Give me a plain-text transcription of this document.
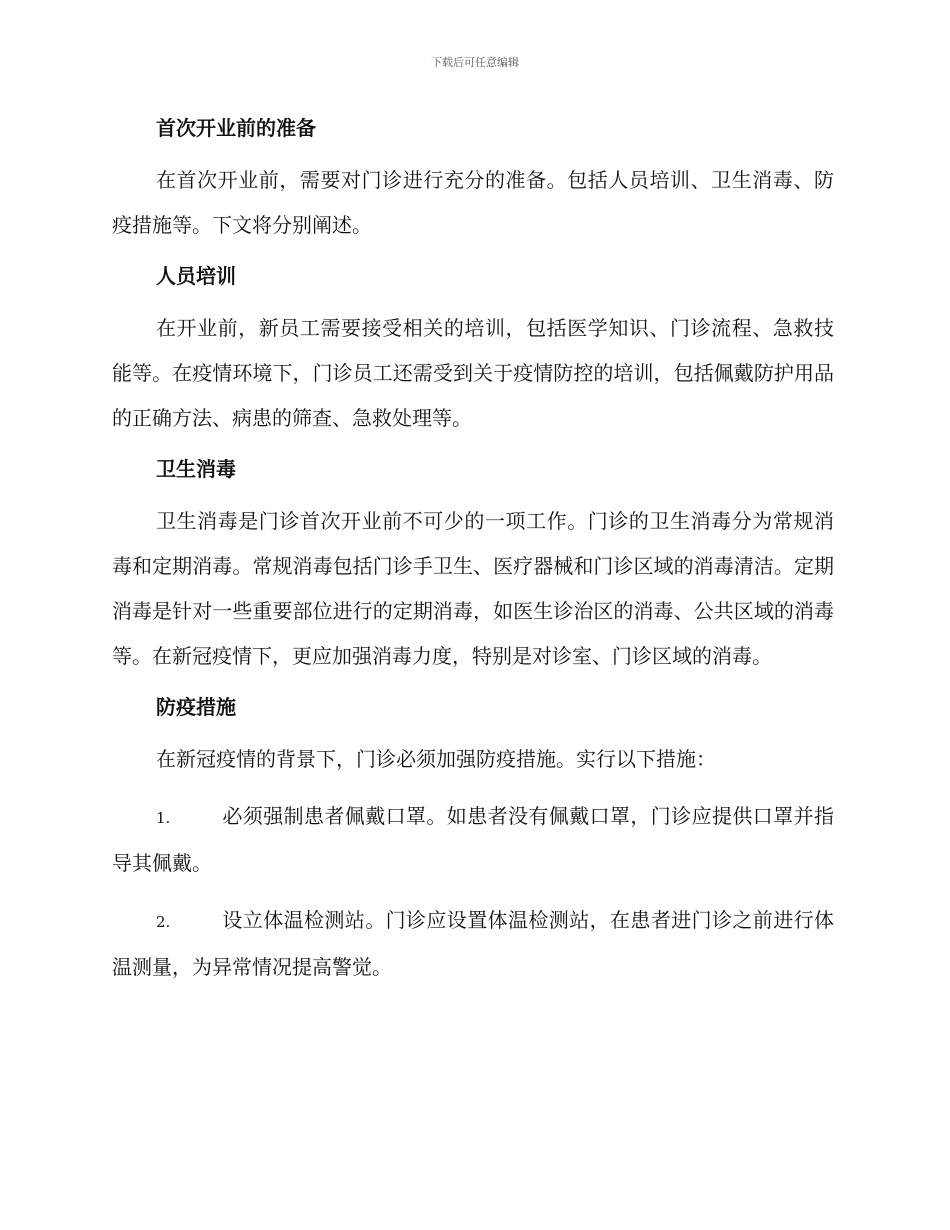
下载后可任意编辑
首次开业前的准备

在首次开业前，需要对门诊进行充分的准备。包括人员培训、卫生消毒、防疫措施等。下文将分别阐述。

人员培训

在开业前，新员工需要接受相关的培训，包括医学知识、门诊流程、急救技能等。在疫情环境下，门诊员工还需受到关于疫情防控的培训，包括佩戴防护用品的正确方法、病患的筛查、急救处理等。

卫生消毒

卫生消毒是门诊首次开业前不可少的一项工作。门诊的卫生消毒分为常规消毒和定期消毒。常规消毒包括门诊手卫生、医疗器械和门诊区域的消毒清洁。定期消毒是针对一些重要部位进行的定期消毒，如医生诊治区的消毒、公共区域的消毒等。在新冠疫情下，更应加强消毒力度，特别是对诊室、门诊区域的消毒。

防疫措施

在新冠疫情的背景下，门诊必须加强防疫措施。实行以下措施：

1.	必须强制患者佩戴口罩。如患者没有佩戴口罩，门诊应提供口罩并指导其佩戴。

2.	设立体温检测站。门诊应设置体温检测站，在患者进门诊之前进行体温测量，为异常情况提高警觉。
